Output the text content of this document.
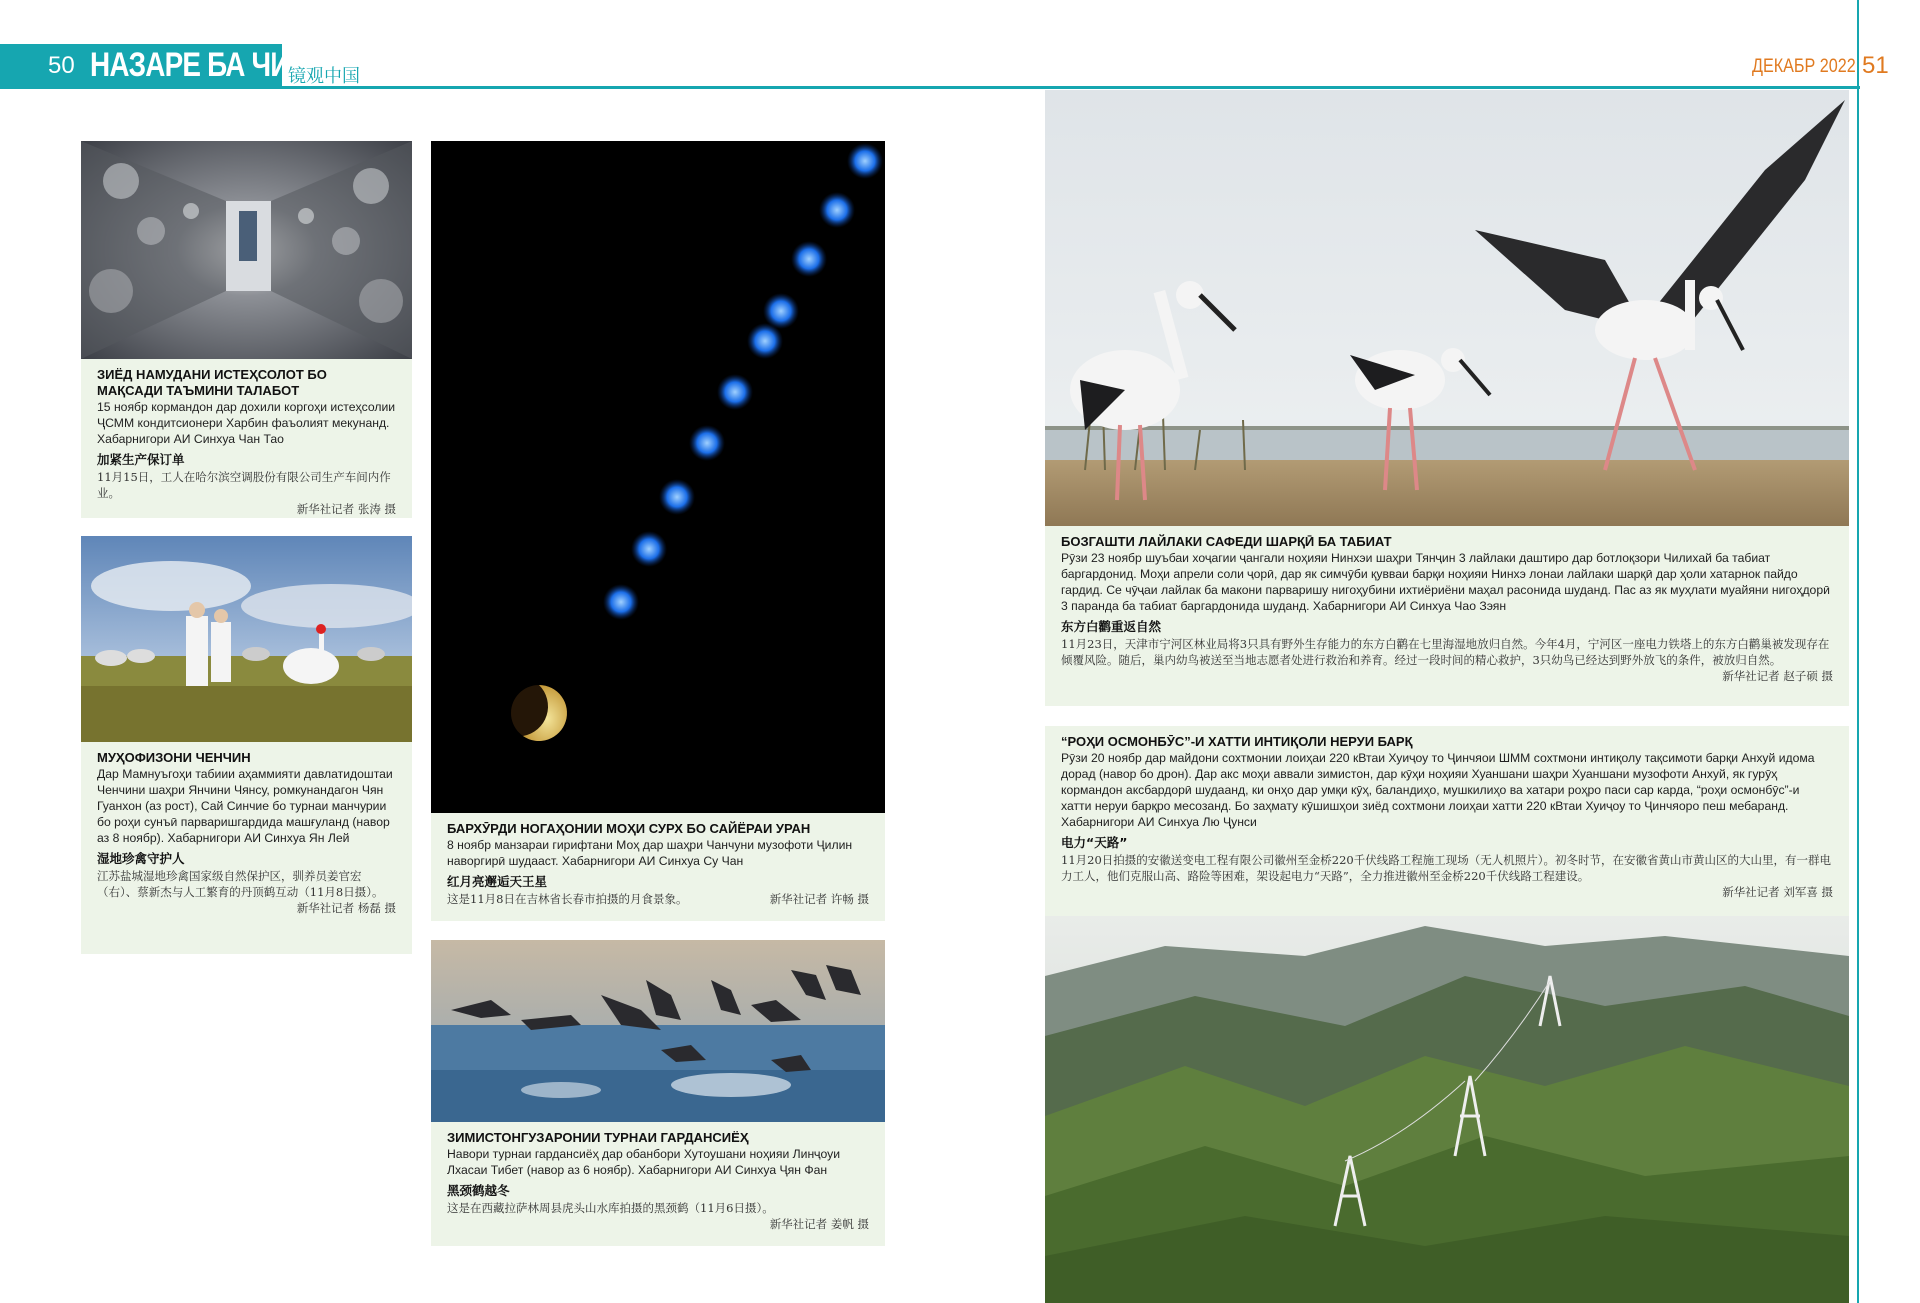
50 НАЗАРЕ БА ЧИН
镜观中国	ДЕКАБР 2022 51
ЗИЁД НАМУДАНИ ИСТЕҲСОЛОТ БО МАҚСАДИ ТАЪМИНИ ТАЛАБОТ
15 ноябр кормандон дар дохили коргоҳи истеҳсолии ҶСММ кондитсионери Харбин фаъолият мекунанд. Хабарнигори АИ Синхуа Чан Тао
加紧生产保订单
11月15日，工人在哈尔滨空调股份有限公司生产车间内作业。
新华社记者 张涛 摄
МУҲОФИЗОНИ ЧЕНЧИН
Дар Мамнуъгоҳи табиии аҳаммияти давлатидоштаи Ченчини шаҳри Янчини Чянсу, ромкунандагон Чян Гуанхон (аз рост), Сай Синчие бо турнаи манчурии бо роҳи сунъӣ парваришгардида машғуланд (навор аз 8 ноябр). Хабарнигори АИ Синхуа Ян Лей
湿地珍禽守护人
江苏盐城湿地珍禽国家级自然保护区，驯养员姜官宏（右）、蔡新杰与人工繁育的丹顶鹤互动（11月8日摄）。
新华社记者 杨磊 摄
БАРХӮРДИ НОГАҲОНИИ МОҲИ СУРХ БО САЙЁРАИ УРАН
8 ноябр манзараи гирифтани Моҳ дар шаҳри Чанчуни музофоти Ҷилин наворгирӣ шудааст. Хабарнигори АИ Синхуа Су Чан
红月亮邂逅天王星
这是11月8日在吉林省长春市拍摄的月食景象。	新华社记者 许畅 摄
ЗИМИСТОНГУЗАРОНИИ ТУРНАИ ГАРДАНСИЁҲ
Навори турнаи гардансиёҳ дар обанбори Хутоушани ноҳияи Линҷоуи Лхасаи Тибет (навор аз 6 ноябр). Хабарнигори АИ Синхуа Ҷян Фан
黑颈鹤越冬
这是在西藏拉萨林周县虎头山水库拍摄的黑颈鹤（11月6日摄）。
新华社记者 姜帆 摄
БОЗГАШТИ ЛАЙЛАКИ САФЕДИ ШАРҚӢ БА ТАБИАТ
Рӯзи 23 ноябр шуъбаи хоҷагии ҷангали ноҳияи Нинхэи шаҳри Тянҷин 3 лайлаки даштиро дар ботлоқзори Чилихай ба табиат баргардонид. Моҳи апрели соли ҷорӣ, дар як симчӯби қувваи барқи ноҳияи Нинхэ лонаи лайлаки шарқӣ дар ҳоли хатарнок пайдо гардид. Се чӯҷаи лайлак ба макони парваришу нигоҳубини ихтиёриёни маҳал расонида шуданд. Пас аз як муҳлати муайяни нигоҳдорӣ 3 паранда ба табиат баргардонида шуданд. Хабарнигори АИ Синхуа Чао Зэян
东方白鹳重返自然
11月23日，天津市宁河区林业局将3只具有野外生存能力的东方白鹳在七里海湿地放归自然。今年4月，宁河区一座电力铁塔上的东方白鹳巢被发现存在倾覆风险。随后，巢内幼鸟被送至当地志愿者处进行救治和养育。经过一段时间的精心救护，3只幼鸟已经达到野外放飞的条件，被放归自然。
新华社记者 赵子硕 摄
“РОҲИ ОСМОНБӮС”-И ХАТТИ ИНТИҚОЛИ НЕРУИ БАРҚ
Рӯзи 20 ноябр дар майдони сохтмонии лоиҳаи 220 кВтаи Хуиҷоу то Ҷинчяои ШММ сохтмони интиқолу тақсимоти барқи Анхуй идома дорад (навор бо дрон). Дар акс моҳи аввали зимистон, дар кӯҳи ноҳияи Хуаншани шаҳри Хуаншани музофоти Анхуй, як гурӯҳ кормандон аксбардорӣ шудаанд, ки онҳо дар умқи кӯҳ, баландиҳо, мушкилиҳо ва хатари роҳро паси сар карда, “роҳи осмонбӯс”-и хатти неруи барқро месозанд. Бо заҳмату кӯшишҳои зиёд сохтмони лоиҳаи хатти 220 кВтаи Хуиҷоу то Ҷинчяоро пеш мебаранд. Хабарнигори АИ Синхуа Лю Ҷунси
电力“天路”
11月20日拍摄的安徽送变电工程有限公司徽州至金桥220千伏线路工程施工现场（无人机照片）。初冬时节，在安徽省黄山市黄山区的大山里，有一群电力工人，他们克服山高、路险等困难，架设起电力“天路”，全力推进徽州至金桥220千伏线路工程建设。
新华社记者 刘军喜 摄
